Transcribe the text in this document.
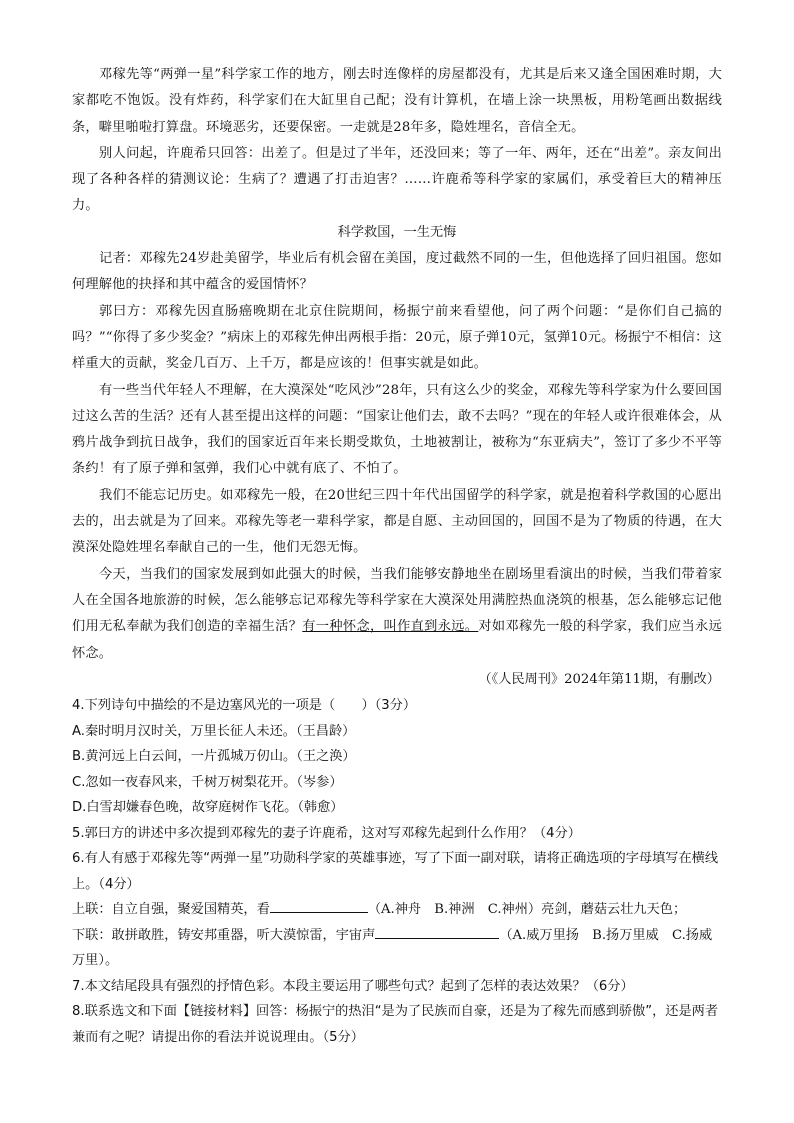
邓稼先等“两弹一星”科学家工作的地方，刚去时连像样的房屋都没有，尤其是后来又逢全国困难时期，大家都吃不饱饭。没有炸药，科学家们在大缸里自己配；没有计算机，在墙上涂一块黑板，用粉笔画出数据线条，噼里啪啦打算盘。环境恶劣，还要保密。一走就是28年多，隐姓埋名，音信全无。

别人问起，许鹿希只回答：出差了。但是过了半年，还没回来；等了一年、两年，还在“出差”。亲友间出现了各种各样的猜测议论：生病了？遭遇了打击迫害？……许鹿希等科学家的家属们，承受着巨大的精神压力。

科学救国，一生无悔

记者：邓稼先24岁赴美留学，毕业后有机会留在美国，度过截然不同的一生，但他选择了回归祖国。您如何理解他的抉择和其中蕴含的爱国情怀？

郭曰方：邓稼先因直肠癌晚期在北京住院期间，杨振宁前来看望他，问了两个问题：“是你们自己搞的吗？”“你得了多少奖金？”病床上的邓稼先伸出两根手指：20元，原子弹10元，氢弹10元。杨振宁不相信：这样重大的贡献，奖金几百万、上千万，都是应该的！但事实就是如此。

有一些当代年轻人不理解，在大漠深处“吃风沙”28年，只有这么少的奖金，邓稼先等科学家为什么要回国过这么苦的生活？还有人甚至提出这样的问题：“国家让他们去，敢不去吗？”现在的年轻人或许很难体会，从鸦片战争到抗日战争，我们的国家近百年来长期受欺负，土地被割让，被称为“东亚病夫”，签订了多少不平等条约！有了原子弹和氢弹，我们心中就有底了、不怕了。

我们不能忘记历史。如邓稼先一般，在20世纪三四十年代出国留学的科学家，就是抱着科学救国的心愿出去的，出去就是为了回来。邓稼先等老一辈科学家，都是自愿、主动回国的，回国不是为了物质的待遇，在大漠深处隐姓埋名奉献自己的一生，他们无怨无悔。

今天，当我们的国家发展到如此强大的时候，当我们能够安静地坐在剧场里看演出的时候，当我们带着家人在全国各地旅游的时候，怎么能够忘记邓稼先等科学家在大漠深处用满腔热血浇筑的根基，怎么能够忘记他们用无私奉献为我们创造的幸福生活？有一种怀念，叫作直到永远。对如邓稼先一般的科学家，我们应当永远怀念。

（《人民周刊》2024年第11期，有删改）

4.下列诗句中描绘的不是边塞风光的一项是（　　）（3分）

A.秦时明月汉时关，万里长征人未还。（王昌龄）

B.黄河远上白云间，一片孤城万仞山。（王之涣）

C.忽如一夜春风来，千树万树梨花开。（岑参）

D.白雪却嫌春色晚，故穿庭树作飞花。（韩愈）

5.郭曰方的讲述中多次提到邓稼先的妻子许鹿希，这对写邓稼先起到什么作用？（4分）

6.有人有感于邓稼先等“两弹一星”功勋科学家的英雄事迹，写了下面一副对联，请将正确选项的字母填写在横线上。（4分）

上联：自立自强，聚爱国精英，看	（A.神舟　B.神洲　C.神州）亮剑，蘑菇云壮九天色；

下联：敢拼敢胜，铸安邦重器，听大漠惊雷，宇宙声	（A.威万里扬　B.扬万里威　C.扬威万里）。

7.本文结尾段具有强烈的抒情色彩。本段主要运用了哪些句式？起到了怎样的表达效果？（6分）

8.联系选文和下面【链接材料】回答：杨振宁的热泪“是为了民族而自豪，还是为了稼先而感到骄傲”，还是两者兼而有之呢？请提出你的看法并说说理由。（5分）
